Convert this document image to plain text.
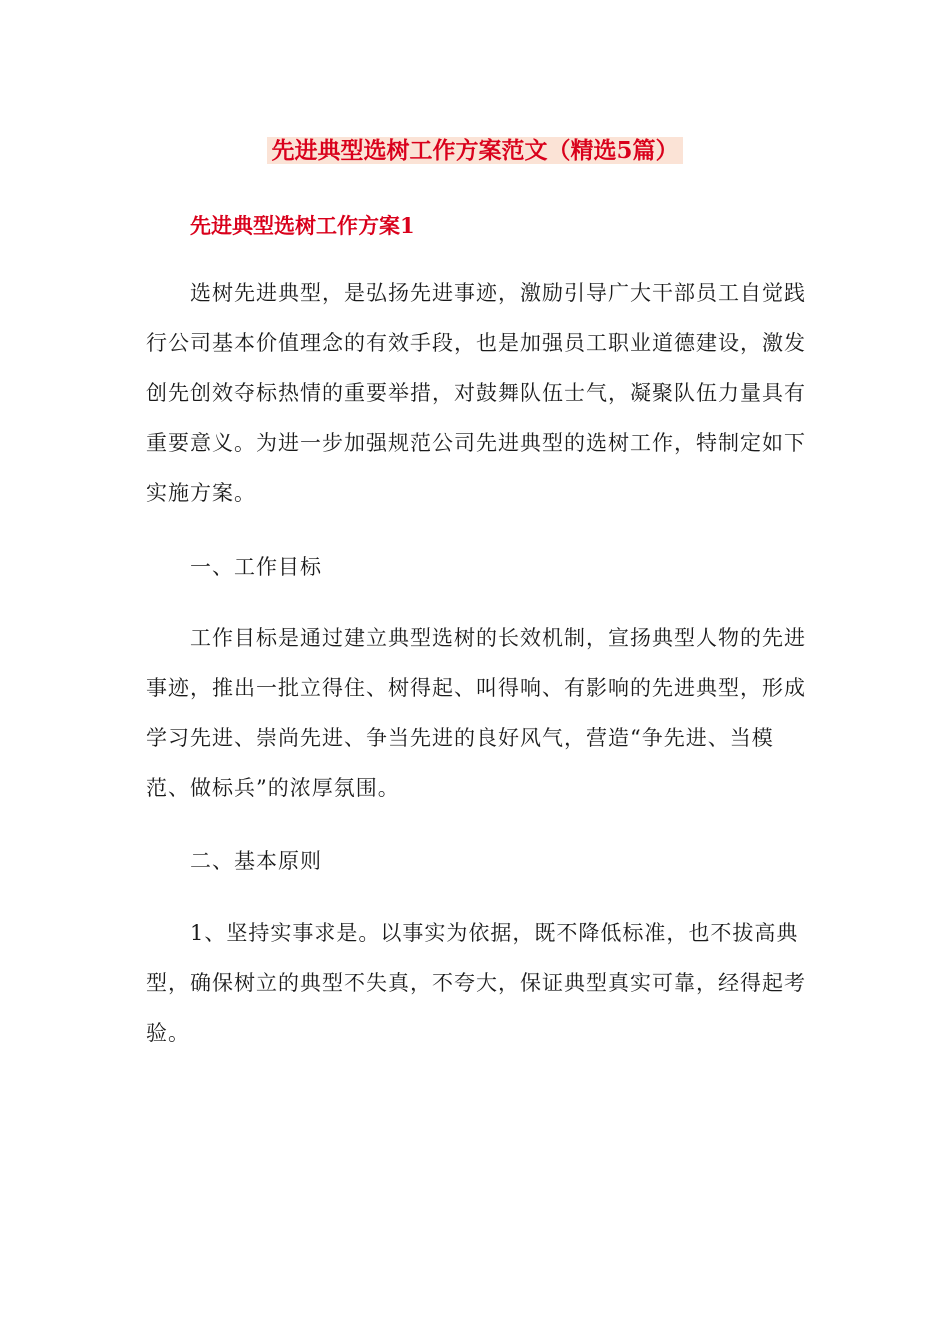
先进典型选树工作方案范文（精选5篇）
先进典型选树工作方案1

选树先进典型，是弘扬先进事迹，激励引导广大干部员工自觉践行公司基本价值理念的有效手段，也是加强员工职业道德建设，激发创先创效夺标热情的重要举措，对鼓舞队伍士气，凝聚队伍力量具有重要意义。为进一步加强规范公司先进典型的选树工作，特制定如下实施方案。

一、工作目标

工作目标是通过建立典型选树的长效机制，宣扬典型人物的先进事迹，推出一批立得住、树得起、叫得响、有影响的先进典型，形成学习先进、崇尚先进、争当先进的良好风气，营造“争先进、当模范、做标兵”的浓厚氛围。

二、基本原则

1、坚持实事求是。以事实为依据，既不降低标准，也不拔高典型，确保树立的典型不失真，不夸大，保证典型真实可靠，经得起考验。
